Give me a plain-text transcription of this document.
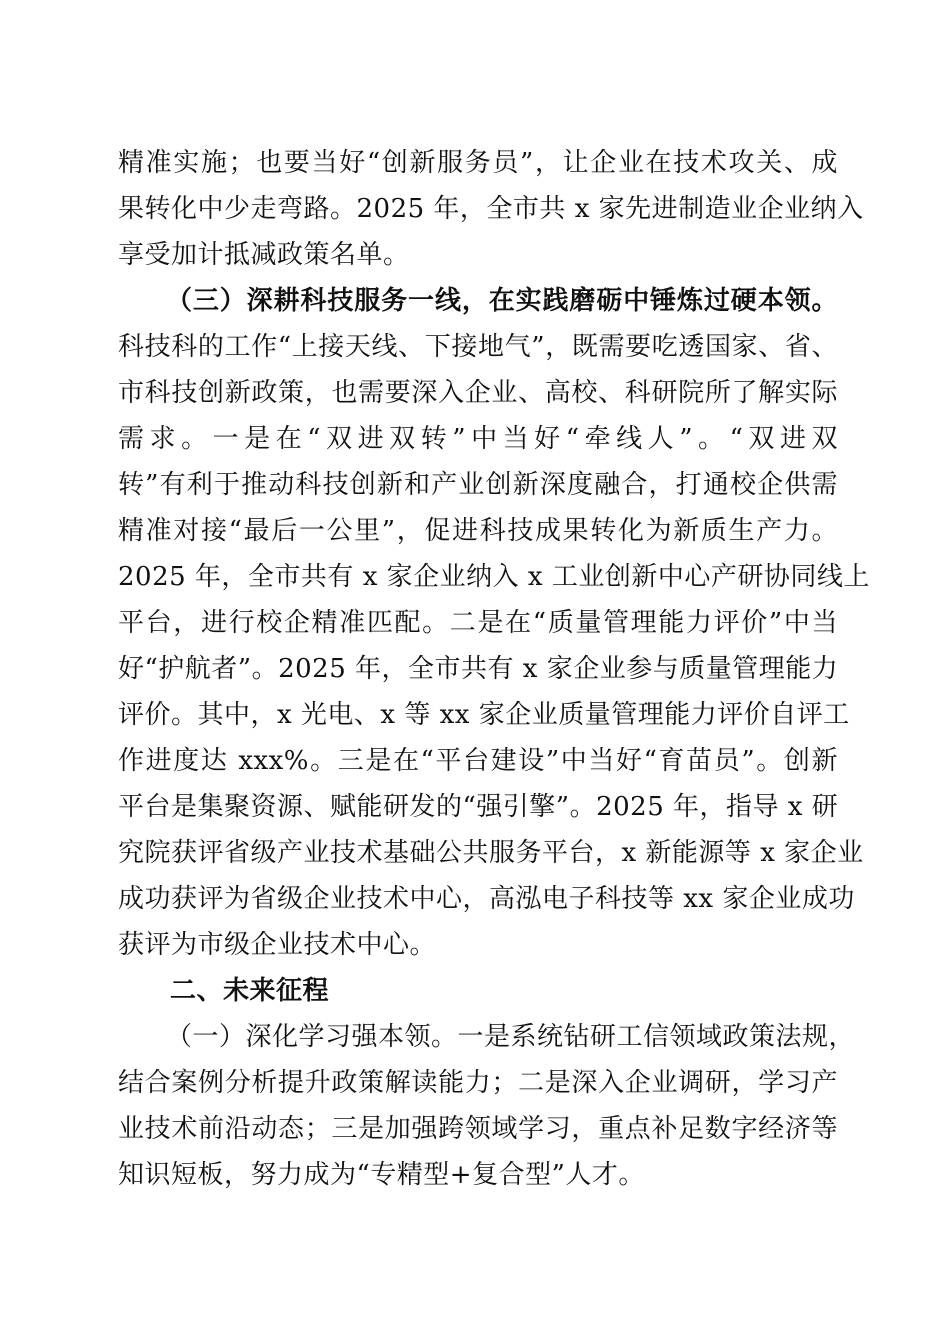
精准实施；也要当好“创新服务员”，让企业在技术攻关、成
果转化中少走弯路。2025 年，全市共 x 家先进制造业企业纳入
享受加计抵减政策名单。
（三）深耕科技服务一线，在实践磨砺中锤炼过硬本领。
科技科的工作“上接天线、下接地气”，既需要吃透国家、省、
市科技创新政策，也需要深入企业、高校、科研院所了解实际
需求。一是在“双进双转”中当好“牵线人”。“双进双
转”有利于推动科技创新和产业创新深度融合，打通校企供需
精准对接“最后一公里”，促进科技成果转化为新质生产力。
2025 年，全市共有 x 家企业纳入 x 工业创新中心产研协同线上
平台，进行校企精准匹配。二是在“质量管理能力评价”中当
好“护航者”。2025 年，全市共有 x 家企业参与质量管理能力
评价。其中，x 光电、x 等 xx 家企业质量管理能力评价自评工
作进度达 xxx%。三是在“平台建设”中当好“育苗员”。创新
平台是集聚资源、赋能研发的“强引擎”。2025 年，指导 x 研
究院获评省级产业技术基础公共服务平台，x 新能源等 x 家企业
成功获评为省级企业技术中心，高泓电子科技等 xx 家企业成功
获评为市级企业技术中心。
二、未来征程
（一）深化学习强本领。一是系统钻研工信领域政策法规，
结合案例分析提升政策解读能力；二是深入企业调研，学习产
业技术前沿动态；三是加强跨领域学习，重点补足数字经济等
知识短板，努力成为“专精型+复合型”人才。
